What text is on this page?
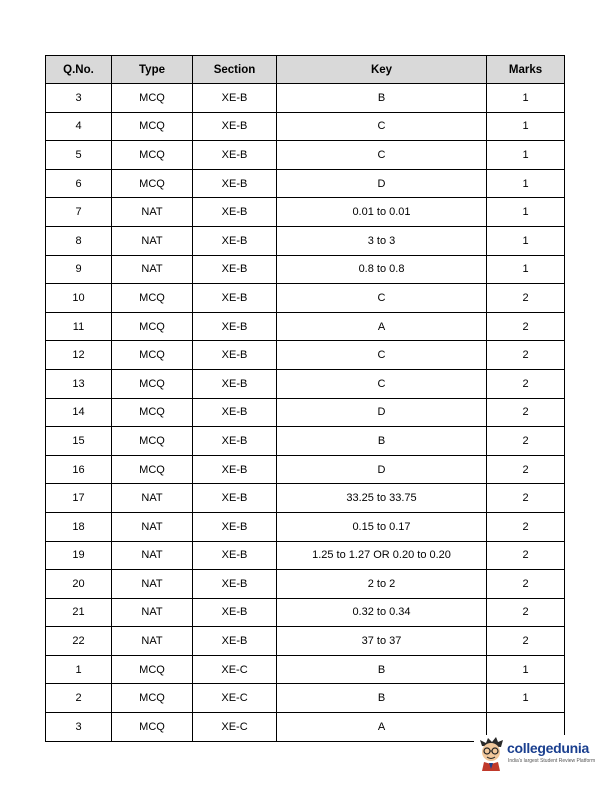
Q.No.	Type	Section	Key	Marks
3	MCQ	XE-B	B	1
4	MCQ	XE-B	C	1
5	MCQ	XE-B	C	1
6	MCQ	XE-B	D	1
7	NAT	XE-B	0.01 to 0.01	1
8	NAT	XE-B	3 to 3	1
9	NAT	XE-B	0.8 to 0.8	1
10	MCQ	XE-B	C	2
11	MCQ	XE-B	A	2
12	MCQ	XE-B	C	2
13	MCQ	XE-B	C	2
14	MCQ	XE-B	D	2
15	MCQ	XE-B	B	2
16	MCQ	XE-B	D	2
17	NAT	XE-B	33.25 to 33.75	2
18	NAT	XE-B	0.15 to 0.17	2
19	NAT	XE-B	1.25 to 1.27 OR 0.20 to 0.20	2
20	NAT	XE-B	2 to 2	2
21	NAT	XE-B	0.32 to 0.34	2
22	NAT	XE-B	37 to 37	2
1	MCQ	XE-C	B	1
2	MCQ	XE-C	B	1
3	MCQ	XE-C	A	
collegedunia
India's largest Student Review Platform
